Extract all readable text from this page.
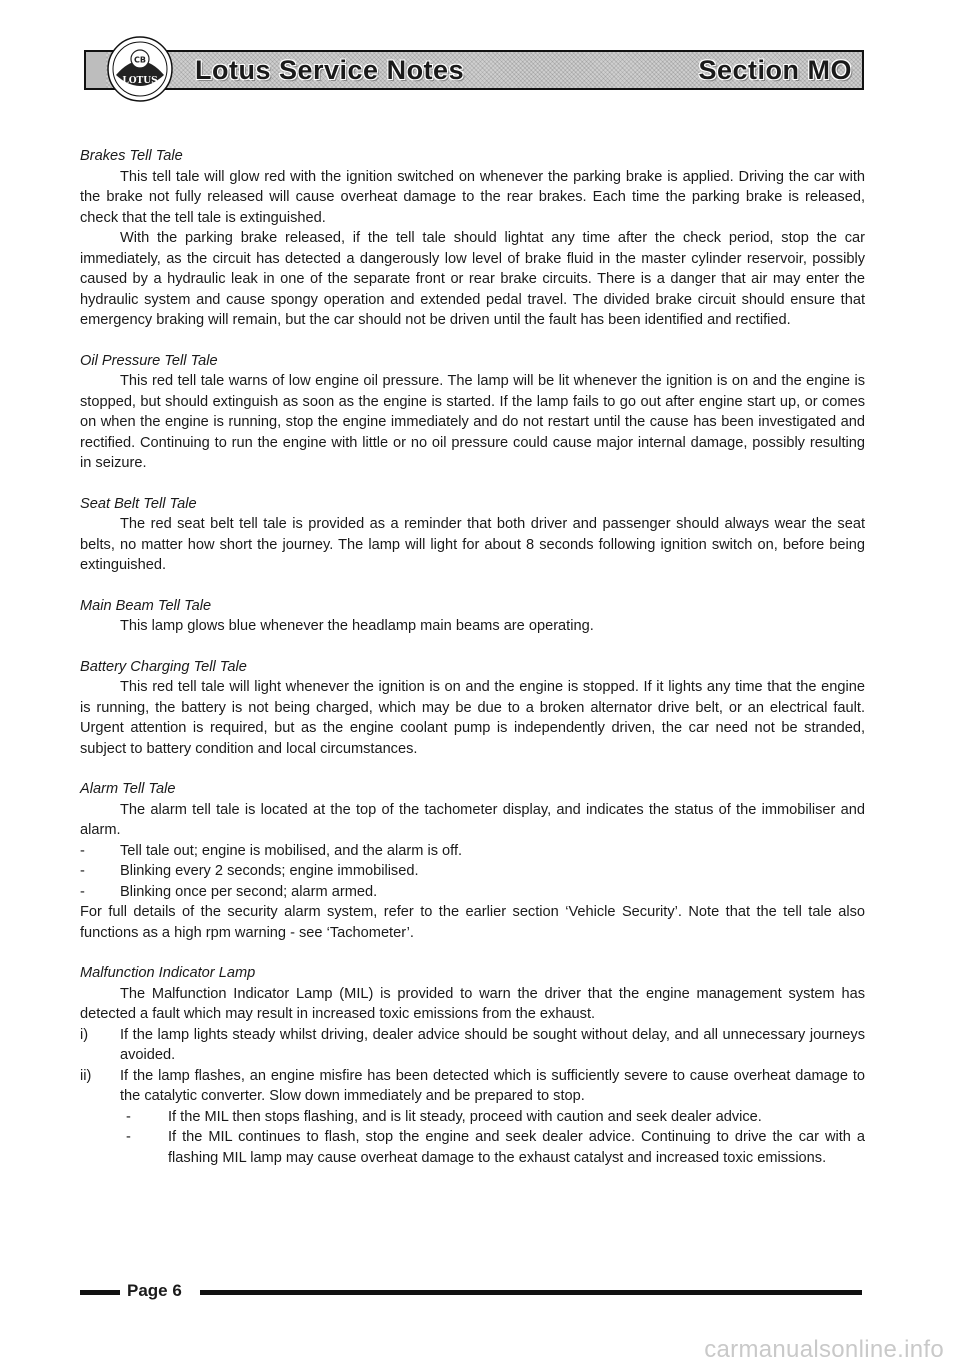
CB
LOTUS Lotus Service Notes	Section MO
Brakes Tell Tale
This tell tale will glow red with the ignition switched on whenever the parking brake is applied. Driving the car with the brake not fully released will cause overheat damage to the rear brakes. Each time the parking brake is released, check that the tell tale is extinguished.
With the parking brake released, if the tell tale should lightat any time after the check period, stop the car immediately, as the circuit has detected a dangerously low level of brake fluid in the master cylinder reservoir, possibly caused by a hydraulic leak in one of the separate front or rear brake circuits. There is a danger that air may enter the hydraulic system and cause spongy operation and extended pedal travel. The divided brake circuit should ensure that emergency braking will remain, but the car should not be driven until the fault has been identified and rectified.
Oil Pressure Tell Tale
This red tell tale warns of low engine oil pressure. The lamp will be lit whenever the ignition is on and the engine is stopped, but should extinguish as soon as the engine is started. If the lamp fails to go out after engine start up, or comes on when the engine is running, stop the engine immediately and do not restart until the cause has been investigated and rectified. Continuing to run the engine with little or no oil pressure could cause major internal damage, possibly resulting in seizure.
Seat Belt Tell Tale
The red seat belt tell tale is provided as a reminder that both driver and passenger should always wear the seat belts, no matter how short the journey. The lamp will light for about 8 seconds following ignition switch on, before being extinguished.
Main Beam Tell Tale
This lamp glows blue whenever the headlamp main beams are operating.
Battery Charging Tell Tale
This red tell tale will light whenever the ignition is on and the engine is stopped. If it lights any time that the engine is running, the battery is not being charged, which may be due to a broken alternator drive belt, or an electrical fault. Urgent attention is required, but as the engine coolant pump is independently driven, the car need not be stranded, subject to battery condition and local circumstances.
Alarm Tell Tale
The alarm tell tale is located at the top of the tachometer display, and indicates the status of the immobiliser and alarm.
-	Tell tale out; engine is mobilised, and the alarm is off.
-	Blinking every 2 seconds; engine immobilised.
-	Blinking once per second; alarm armed.
For full details of the security alarm system, refer to the earlier section ‘Vehicle Security’. Note that the tell tale also functions as a high rpm warning - see ‘Tachometer’.
Malfunction Indicator Lamp
The Malfunction Indicator Lamp (MIL) is provided to warn the driver that the engine management system has detected a fault which may result in increased toxic emissions from the exhaust.
i)	If the lamp lights steady whilst driving, dealer advice should be sought without delay, and all unnecessary journeys avoided.
ii)	If the lamp flashes, an engine misfire has been detected which is sufficiently severe to cause overheat damage to the catalytic converter. Slow down immediately and be prepared to stop.
-	If the MIL then stops flashing, and is lit steady, proceed with caution and seek dealer advice.
-	If the MIL continues to flash, stop the engine and seek dealer advice. Continuing to drive the car with a flashing MIL lamp may cause overheat damage to the exhaust catalyst and increased toxic emissions.
Page 6
carmanualsonline.info
